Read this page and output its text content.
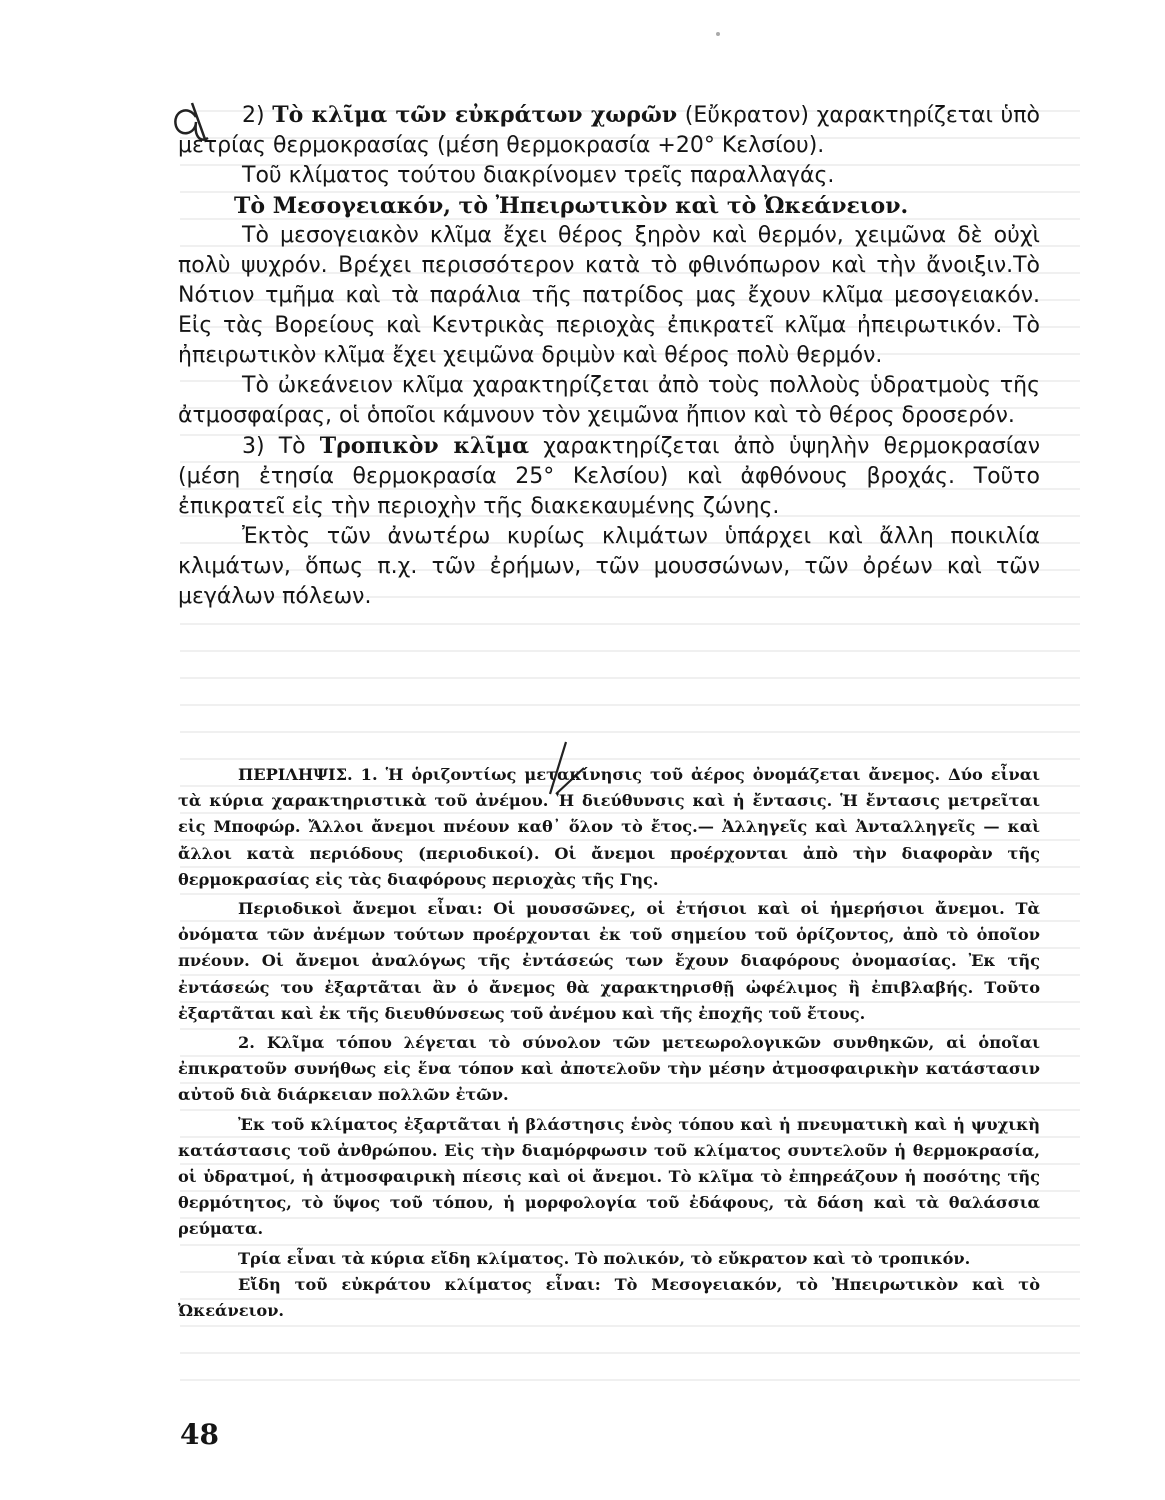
2) Τὸ κλῖμα τῶν εὐκράτων χωρῶν (Εὔκρατον) χαρακτηρίζεται ὑπὸ μετρίας θερμοκρασίας (μέση θερμοκρασία +20° Κελσίου).

Τοῦ κλίματος τούτου διακρίνομεν τρεῖς παραλλαγάς.

Τὸ Μεσογειακόν, τὸ Ἠπειρωτικὸν καὶ τὸ Ὠκεάνειον.

Τὸ μεσογειακὸν κλῖμα ἔχει θέρος ξηρὸν καὶ θερμόν, χειμῶνα δὲ οὐχὶ πολὺ ψυχρόν. Βρέχει περισσότερον κατὰ τὸ φθινόπωρον καὶ τὴν ἄνοιξιν.Τὸ Νότιον τμῆμα καὶ τὰ παράλια τῆς πατρίδος μας ἔχουν κλῖμα μεσογειακόν. Εἰς τὰς Βορείους καὶ Κεντρικὰς περιοχὰς ἐπικρατεῖ κλῖμα ἠπειρωτικόν. Τὸ ἠπειρωτικὸν κλῖμα ἔχει χειμῶνα δριμὺν καὶ θέρος πολὺ θερμόν.

Τὸ ὠκεάνειον κλῖμα χαρακτηρίζεται ἀπὸ τοὺς πολλοὺς ὑδρατμοὺς τῆς ἀτμοσφαίρας, οἱ ὁποῖοι κάμνουν τὸν χειμῶνα ἤπιον καὶ τὸ θέρος δροσερόν.

3) Τὸ Τροπικὸν κλῖμα χαρακτηρίζεται ἀπὸ ὑψηλὴν θερμοκρασίαν (μέση ἐτησία θερμοκρασία 25° Κελσίου) καὶ ἀφθόνους βροχάς. Τοῦτο ἐπικρατεῖ εἰς τὴν περιοχὴν τῆς διακεκαυμένης ζώνης.

Ἐκτὸς τῶν ἀνωτέρω κυρίως κλιμάτων ὑπάρχει καὶ ἄλλη ποικιλία κλιμάτων, ὅπως π.χ. τῶν ἐρήμων, τῶν μουσσώνων, τῶν ὀρέων καὶ τῶν μεγάλων πόλεων.

ΠΕΡΙΛΗΨΙΣ. 1. Ἡ ὁριζοντίως μετακίνησις τοῦ ἀέρος ὀνομάζεται ἄνεμος. Δύο εἶναι τὰ κύρια χαρακτηριστικὰ τοῦ ἀνέμου. Ἡ διεύθυνσις καὶ ἡ ἔντασις. Ἡ ἔντασις μετρεῖται εἰς Μποφώρ. Ἄλλοι ἄνεμοι πνέουν καθ᾽ ὅλον τὸ ἔτος.— Ἀλληγεῖς καὶ Ἀνταλληγεῖς — καὶ ἄλλοι κατὰ περιόδους (περιοδικοί). Οἱ ἄνεμοι προέρχονται ἀπὸ τὴν διαφορὰν τῆς θερμοκρασίας εἰς τὰς διαφόρους περιοχὰς τῆς Γης.

Περιοδικοὶ ἄνεμοι εἶναι: Οἱ μουσσῶνες, οἱ ἐτήσιοι καὶ οἱ ἡμερήσιοι ἄνεμοι. Τὰ ὀνόματα τῶν ἀνέμων τούτων προέρχονται ἐκ τοῦ σημείου τοῦ ὁρίζοντος, ἀπὸ τὸ ὁποῖον πνέουν. Οἱ ἄνεμοι ἀναλόγως τῆς ἐντάσεώς των ἔχουν διαφόρους ὀνομασίας. Ἐκ τῆς ἐντάσεώς του ἐξαρτᾶται ἂν ὁ ἄνεμος θὰ χαρακτηρισθῇ ὠφέλιμος ἢ ἐπιβλαβής. Τοῦτο ἐξαρτᾶται καὶ ἐκ τῆς διευθύνσεως τοῦ ἀνέμου καὶ τῆς ἐποχῆς τοῦ ἔτους.

2. Κλῖμα τόπου λέγεται τὸ σύνολον τῶν μετεωρολογικῶν συνθηκῶν, αἱ ὁποῖαι ἐπικρατοῦν συνήθως εἰς ἕνα τόπον καὶ ἀποτελοῦν τὴν μέσην ἀτμοσφαιρικὴν κατάστασιν αὐτοῦ διὰ διάρκειαν πολλῶν ἐτῶν.

Ἐκ τοῦ κλίματος ἐξαρτᾶται ἡ βλάστησις ἑνὸς τόπου καὶ ἡ πνευματικὴ καὶ ἡ ψυχικὴ κατάστασις τοῦ ἀνθρώπου. Εἰς τὴν διαμόρφωσιν τοῦ κλίματος συντελοῦν ἡ θερμοκρασία, οἱ ὑδρατμοί, ἡ ἀτμοσφαιρικὴ πίεσις καὶ οἱ ἄνεμοι. Τὸ κλῖμα τὸ ἐπηρεάζουν ἡ ποσότης τῆς θερμότητος, τὸ ὕψος τοῦ τόπου, ἡ μορφολογία τοῦ ἐδάφους, τὰ δάση καὶ τὰ θαλάσσια ρεύματα.

Τρία εἶναι τὰ κύρια εἴδη κλίματος. Τὸ πολικόν, τὸ εὔκρατον καὶ τὸ τροπικόν.

Εἴδη τοῦ εὐκράτου κλίματος εἶναι: Τὸ Μεσογειακόν, τὸ Ἠπειρωτικὸν καὶ τὸ Ὠκεάνειον.

48
